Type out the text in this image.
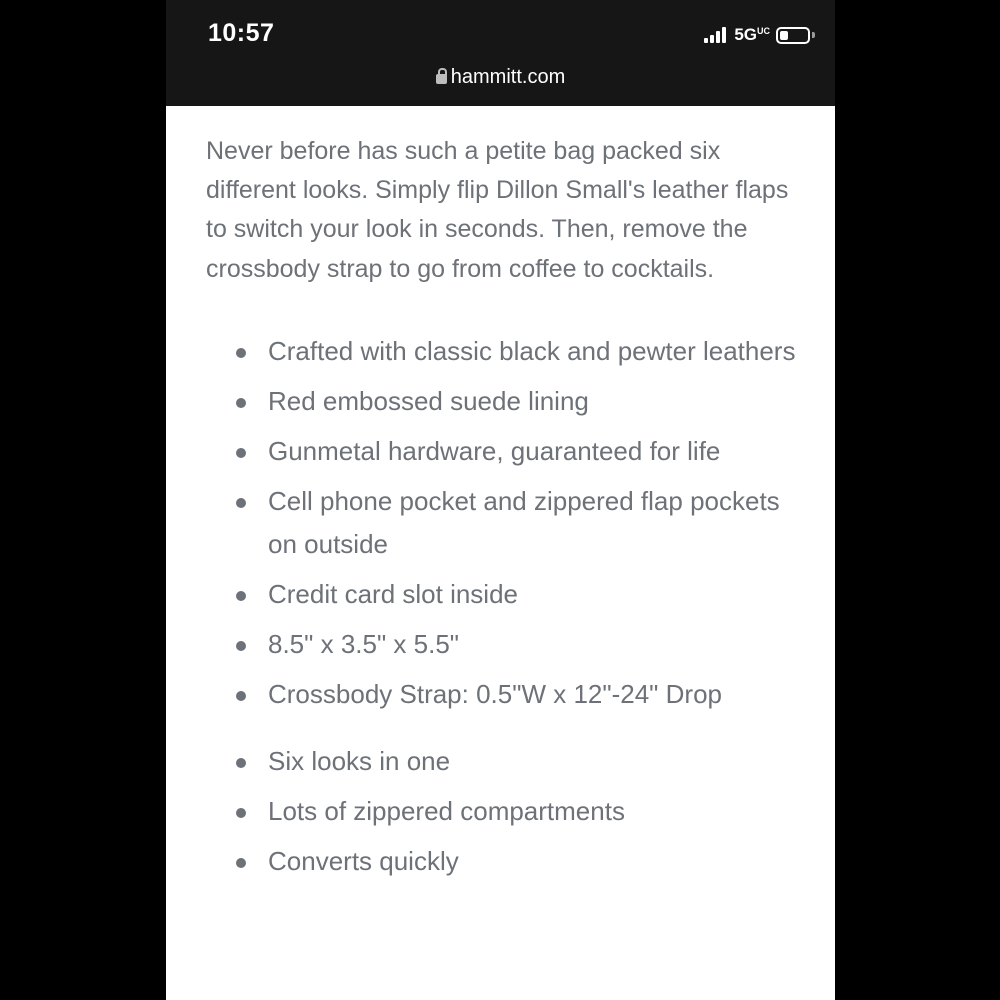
10:57	$5G^{UC}$
hammitt.com

Never before has such a petite bag packed six different looks. Simply flip Dillon Small's leather flaps to switch your look in seconds. Then, remove the crossbody strap to go from coffee to cocktails.

Crafted with classic black and pewter leathers
Red embossed suede lining
Gunmetal hardware, guaranteed for life
Cell phone pocket and zippered flap pockets on outside
Credit card slot inside
8.5" x 3.5" x 5.5"
Crossbody Strap: 0.5"W x 12"-24" Drop
Six looks in one
Lots of zippered compartments
Converts quickly
